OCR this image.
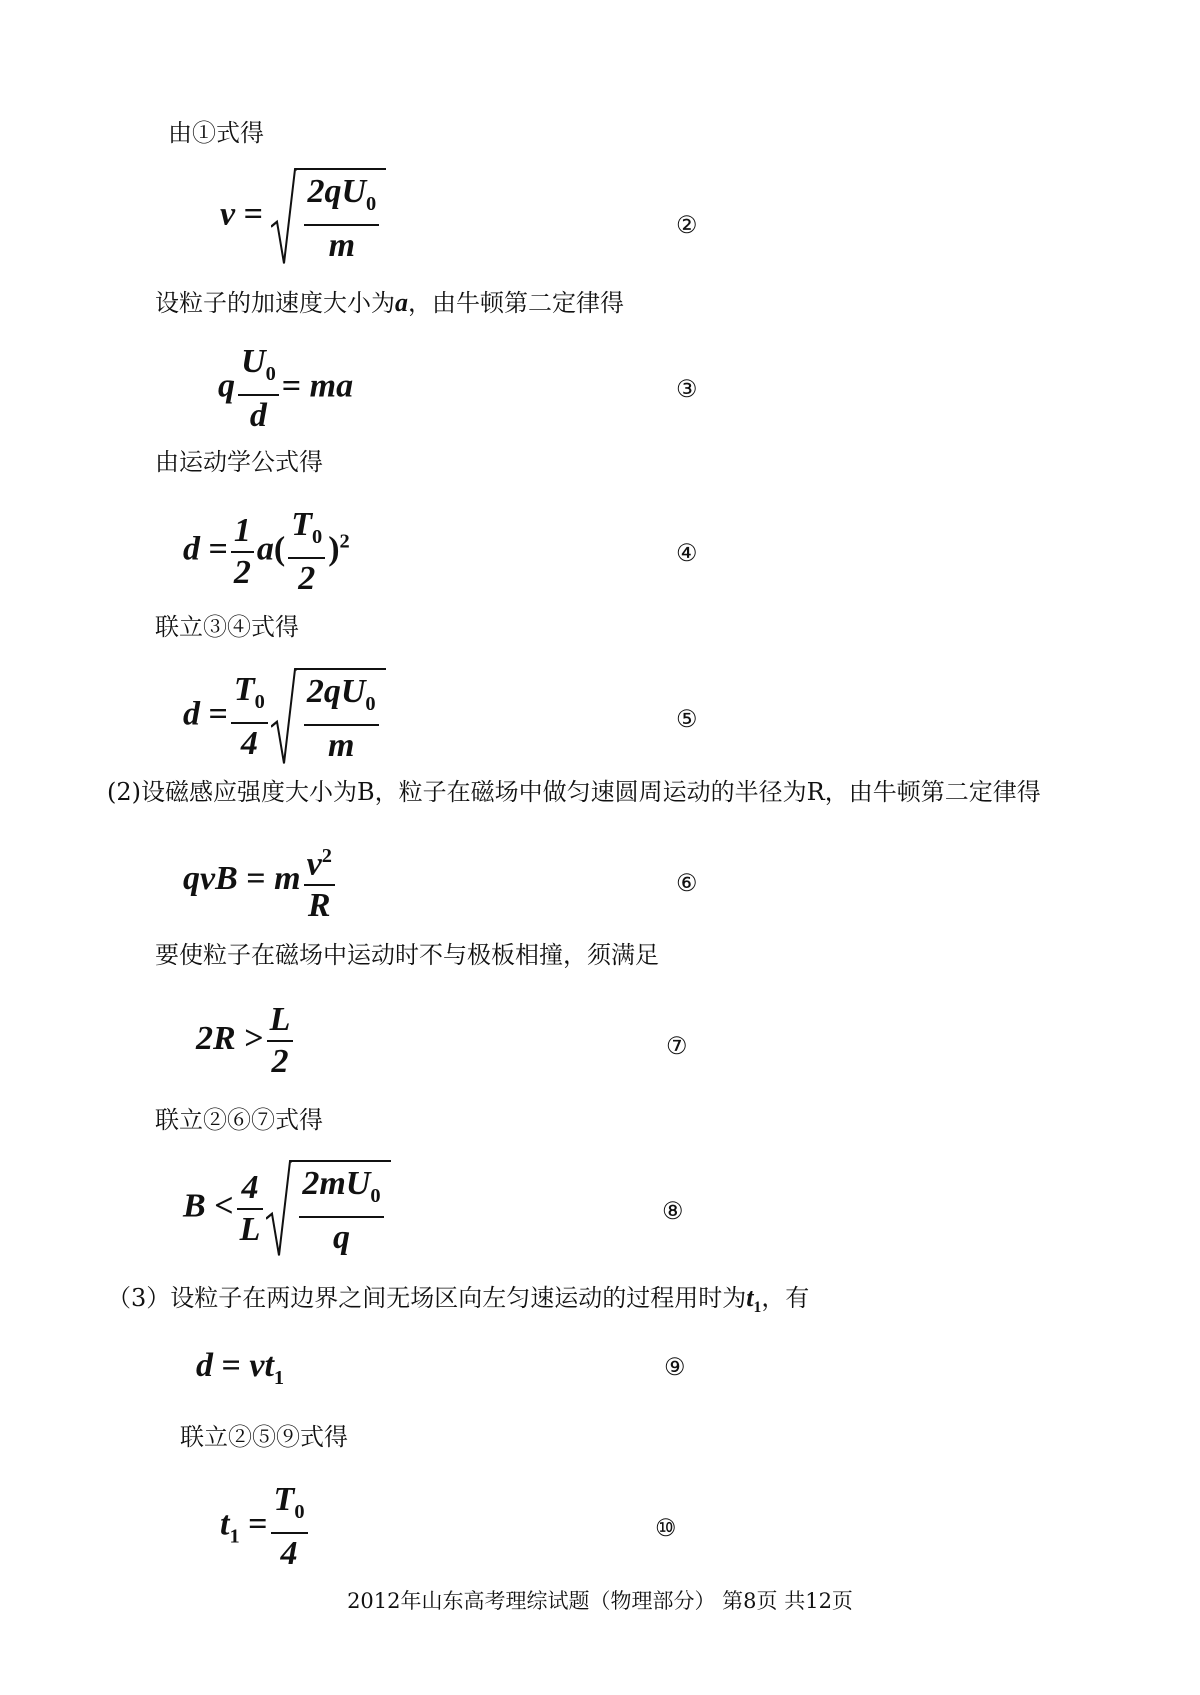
由①式得
$v = \frac{2qU_0}{m}$	②
设粒子的加速度大小为a，由牛顿第二定律得
q $\frac{U_0}{d}$ = ma	③
由运动学公式得
$d = \frac{1}{2} a( \frac{T_0}{2} )^2$	④
联立③④式得
$d = \frac{T_0}{4} \frac{2qU_0}{m}$	⑤
(2)设磁感应强度大小为B，粒子在磁场中做匀速圆周运动的半径为R，由牛顿第二定律得
qvB = m $\frac{v^2}{R}$	⑥
要使粒子在磁场中运动时不与极板相撞，须满足
$2R > \frac{L}{2}$	⑦
联立②⑥⑦式得
$B < \frac{4}{L} \frac{2mU_0}{q}$	⑧
（3）设粒子在两边界之间无场区向左匀速运动的过程用时为$t_1$，有
$d = vt_1$	⑨
联立②⑤⑨式得
$t_1 = \frac{T_0}{4}$	⑩
2012年山东高考理综试题（物理部分） 第8页 共12页
